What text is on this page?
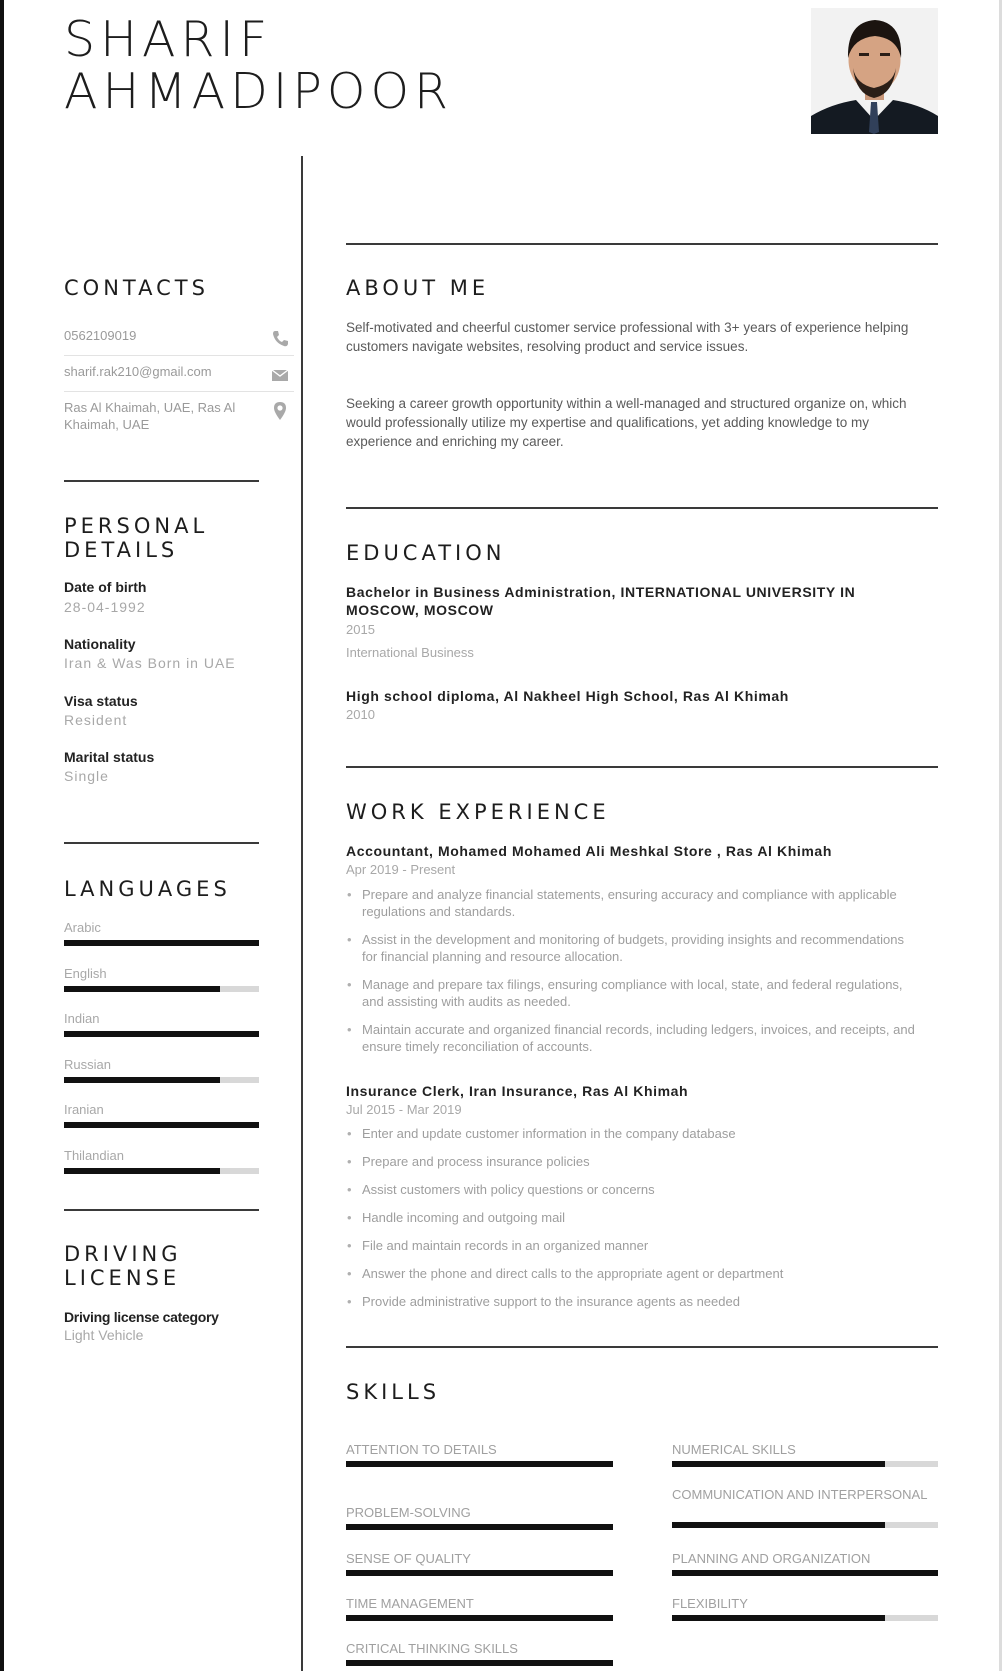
SHARIF
AHMADIPOOR
CONTACTS
0562109019
sharif.rak210@gmail.com
Ras Al Khaimah, UAE, Ras Al Khaimah, UAE
PERSONAL
DETAILS
Date of birth
28-04-1992
Nationality
Iran & Was Born in UAE
Visa status
Resident
Marital status
Single
LANGUAGES
Arabic
English
Indian
Russian
Iranian
Thilandian
DRIVING
LICENSE
Driving license category
Light Vehicle
ABOUT ME
Self-motivated and cheerful customer service professional with 3+ years of experience helping customers navigate websites, resolving product and service issues.
Seeking a career growth opportunity within a well-managed and structured organize on, which would professionally utilize my expertise and qualifications, yet adding knowledge to my experience and enriching my career.
EDUCATION
Bachelor in Business Administration, INTERNATIONAL UNIVERSITY IN MOSCOW, MOSCOW
2015
International Business
High school diploma, Al Nakheel High School, Ras Al Khimah
2010
WORK EXPERIENCE
Accountant, Mohamed Mohamed Ali Meshkal Store , Ras Al Khimah
Apr 2019 - Present
• Prepare and analyze financial statements, ensuring accuracy and compliance with applicable regulations and standards.
• Assist in the development and monitoring of budgets, providing insights and recommendations for financial planning and resource allocation.
• Manage and prepare tax filings, ensuring compliance with local, state, and federal regulations, and assisting with audits as needed.
• Maintain accurate and organized financial records, including ledgers, invoices, and receipts, and ensure timely reconciliation of accounts.
Insurance Clerk, Iran Insurance, Ras Al Khimah
Jul 2015 - Mar 2019
• Enter and update customer information in the company database
• Prepare and process insurance policies
• Assist customers with policy questions or concerns
• Handle incoming and outgoing mail
• File and maintain records in an organized manner
• Answer the phone and direct calls to the appropriate agent or department
• Provide administrative support to the insurance agents as needed
SKILLS
ATTENTION TO DETAILS
PROBLEM-SOLVING
SENSE OF QUALITY
TIME MANAGEMENT
CRITICAL THINKING SKILLS
NUMERICAL SKILLS
COMMUNICATION AND INTERPERSONAL
PLANNING AND ORGANIZATION
FLEXIBILITY
